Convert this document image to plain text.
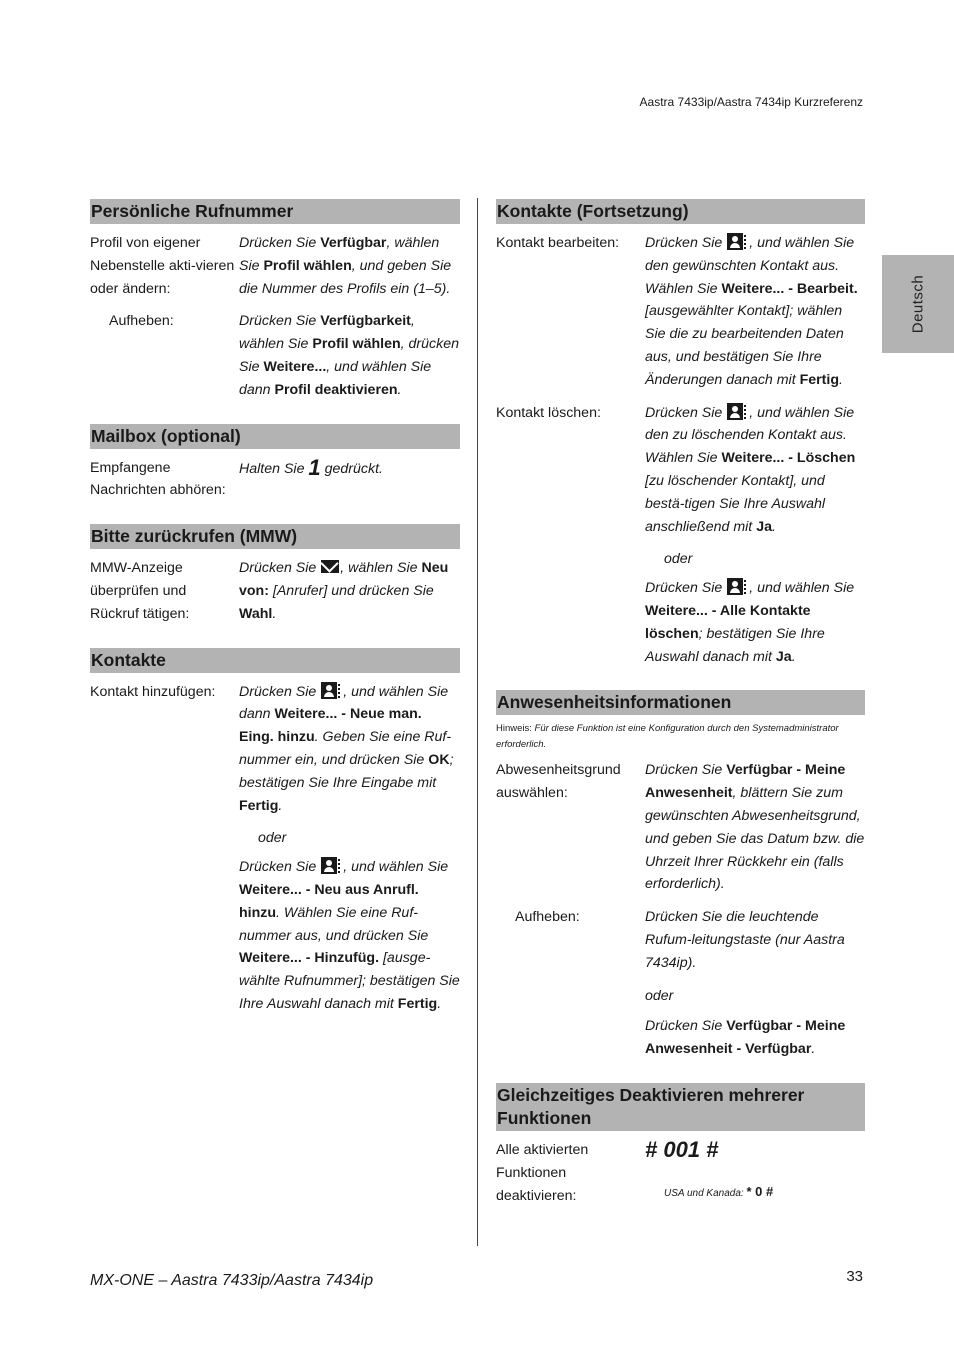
Aastra 7433ip/Aastra 7434ip Kurzreferenz
Deutsch
Persönliche Rufnummer
Profil von eigener Nebenstelle akti-vieren oder ändern:
Drücken Sie Verfügbar, wählen Sie Profil wählen, und geben Sie die Nummer des Profils ein (1–5).
Aufheben:	Drücken Sie Verfügbarkeit, wählen Sie Profil wählen, drücken Sie Weitere..., und wählen Sie dann Profil deaktivieren.
Mailbox (optional)
Empfangene Nachrichten abhören:
Halten Sie 1 gedrückt.
Bitte zurückrufen (MMW)
MMW-Anzeige überprüfen und Rückruf tätigen:
Drücken Sie , wählen Sie Neu von: [Anrufer] und drücken Sie Wahl.
Kontakte
Kontakt hinzufügen:	Drücken Sie , und wählen Sie dann Weitere... - Neue man. Eing. hinzu. Geben Sie eine Ruf-nummer ein, und drücken Sie OK; bestätigen Sie Ihre Eingabe mit Fertig.
oder
Drücken Sie , und wählen Sie Weitere... - Neu aus Anrufl. hinzu. Wählen Sie eine Ruf-nummer aus, und drücken Sie Weitere... - Hinzufüg. [ausge-wählte Rufnummer]; bestätigen Sie Ihre Auswahl danach mit Fertig.
Kontakte (Fortsetzung)
Kontakt bearbeiten:	Drücken Sie , und wählen Sie den gewünschten Kontakt aus. Wählen Sie Weitere... - Bearbeit. [ausgewählter Kontakt]; wählen Sie die zu bearbeitenden Daten aus, und bestätigen Sie Ihre Änderungen danach mit Fertig.
Kontakt löschen:	Drücken Sie , und wählen Sie den zu löschenden Kontakt aus. Wählen Sie Weitere... - Löschen [zu löschender Kontakt], und bestä-tigen Sie Ihre Auswahl anschließend mit Ja.
oder
Drücken Sie , und wählen Sie Weitere... - Alle Kontakte löschen; bestätigen Sie Ihre Auswahl danach mit Ja.
Anwesenheitsinformationen
Hinweis: Für diese Funktion ist eine Konfiguration durch den Systemadministrator erforderlich.
Abwesenheitsgrund auswählen:
Drücken Sie Verfügbar - Meine Anwesenheit, blättern Sie zum gewünschten Abwesenheitsgrund, und geben Sie das Datum bzw. die Uhrzeit Ihrer Rückkehr ein (falls erforderlich).
Aufheben:	Drücken Sie die leuchtende Rufum-leitungstaste (nur Aastra 7434ip).
oder
Drücken Sie Verfügbar - Meine Anwesenheit - Verfügbar.
Gleichzeitiges Deaktivieren mehrerer Funktionen
Alle aktivierten Funktionen deaktivieren:
# 001 #
USA und Kanada: * 0 #
MX-ONE – Aastra 7433ip/Aastra 7434ip	33
